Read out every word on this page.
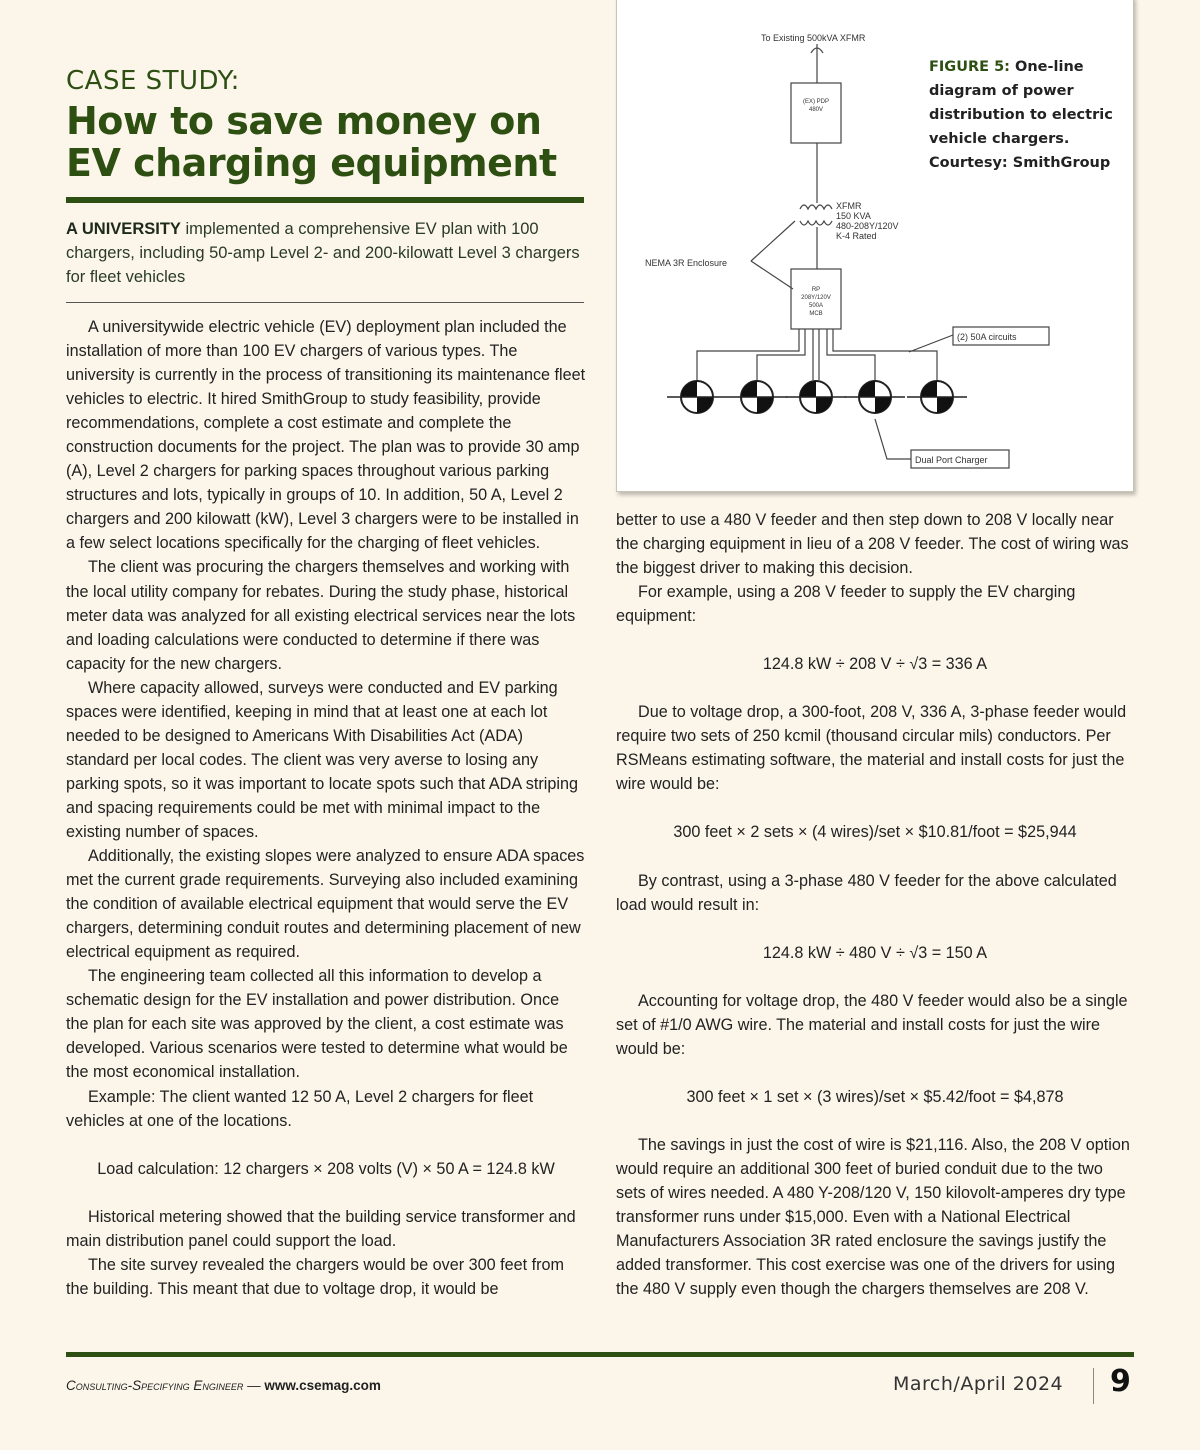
CASE STUDY:
How to save money on EV charging equipment
A UNIVERSITY implemented a comprehensive EV plan with 100 chargers, including 50-amp Level 2- and 200-kilowatt Level 3 chargers for fleet vehicles

A universitywide electric vehicle (EV) deployment plan included the installation of more than 100 EV chargers of various types. The university is currently in the process of transitioning its maintenance fleet vehicles to electric. It hired SmithGroup to study feasibility, provide recommendations, complete a cost estimate and complete the construction documents for the project. The plan was to provide 30 amp (A), Level 2 chargers for parking spaces throughout various parking structures and lots, typically in groups of 10. In addition, 50 A, Level 2 chargers and 200 kilowatt (kW), Level 3 chargers were to be installed in a few select locations specifically for the charging of fleet vehicles.

The client was procuring the chargers themselves and working with the local utility company for rebates. During the study phase, historical meter data was analyzed for all existing electrical services near the lots and loading calculations were conducted to determine if there was capacity for the new chargers.

Where capacity allowed, surveys were conducted and EV parking spaces were identified, keeping in mind that at least one at each lot needed to be designed to Americans With Disabilities Act (ADA) standard per local codes. The client was very averse to losing any parking spots, so it was important to locate spots such that ADA striping and spacing requirements could be met with minimal impact to the existing number of spaces.

Additionally, the existing slopes were analyzed to ensure ADA spaces met the current grade requirements. Surveying also included examining the condition of available electrical equipment that would serve the EV chargers, determining conduit routes and determining placement of new electrical equipment as required.

The engineering team collected all this information to develop a schematic design for the EV installation and power distribution. Once the plan for each site was approved by the client, a cost estimate was developed. Various scenarios were tested to determine what would be the most economical installation.

Example: The client wanted 12 50 A, Level 2 chargers for fleet vehicles at one of the locations.

Load calculation: 12 chargers × 208 volts (V) × 50 A = 124.8 kW

Historical metering showed that the building service transformer and main distribution panel could support the load.

The site survey revealed the chargers would be over 300 feet from the building. This meant that due to voltage drop, it would be

To Existing 500kVA XFMR
(EX) PDP
480V
XFMR
150 KVA
480-208Y/120V
K-4 Rated
NEMA 3R Enclosure
RP
208Y/120V
500A
MCB
(2) 50A circuits
Dual Port Charger
FIGURE 5: One-line diagram of power distribution to electric vehicle chargers. Courtesy: SmithGroup

better to use a 480 V feeder and then step down to 208 V locally near the charging equipment in lieu of a 208 V feeder. The cost of wiring was the biggest driver to making this decision.

For example, using a 208 V feeder to supply the EV charging equipment:

124.8 kW ÷ 208 V ÷ √3 = 336 A

Due to voltage drop, a 300-foot, 208 V, 336 A, 3-phase feeder would require two sets of 250 kcmil (thousand circular mils) conductors. Per RSMeans estimating software, the material and install costs for just the wire would be:

300 feet × 2 sets × (4 wires)/set × $10.81/foot = $25,944

By contrast, using a 3-phase 480 V feeder for the above calculated load would result in:

124.8 kW ÷ 480 V ÷ √3 = 150 A

Accounting for voltage drop, the 480 V feeder would also be a single set of #1/0 AWG wire. The material and install costs for just the wire would be:

300 feet × 1 set × (3 wires)/set × $5.42/foot = $4,878

The savings in just the cost of wire is $21,116. Also, the 208 V option would require an additional 300 feet of buried conduit due to the two sets of wires needed. A 480 Y-208/120 V, 150 kilovolt-amperes dry type transformer runs under $15,000. Even with a National Electrical Manufacturers Association 3R rated enclosure the savings justify the added transformer. This cost exercise was one of the drivers for using the 480 V supply even though the chargers themselves are 208 V.

Consulting-Specifying Engineer — www.csemag.com	March/April 2024 9
